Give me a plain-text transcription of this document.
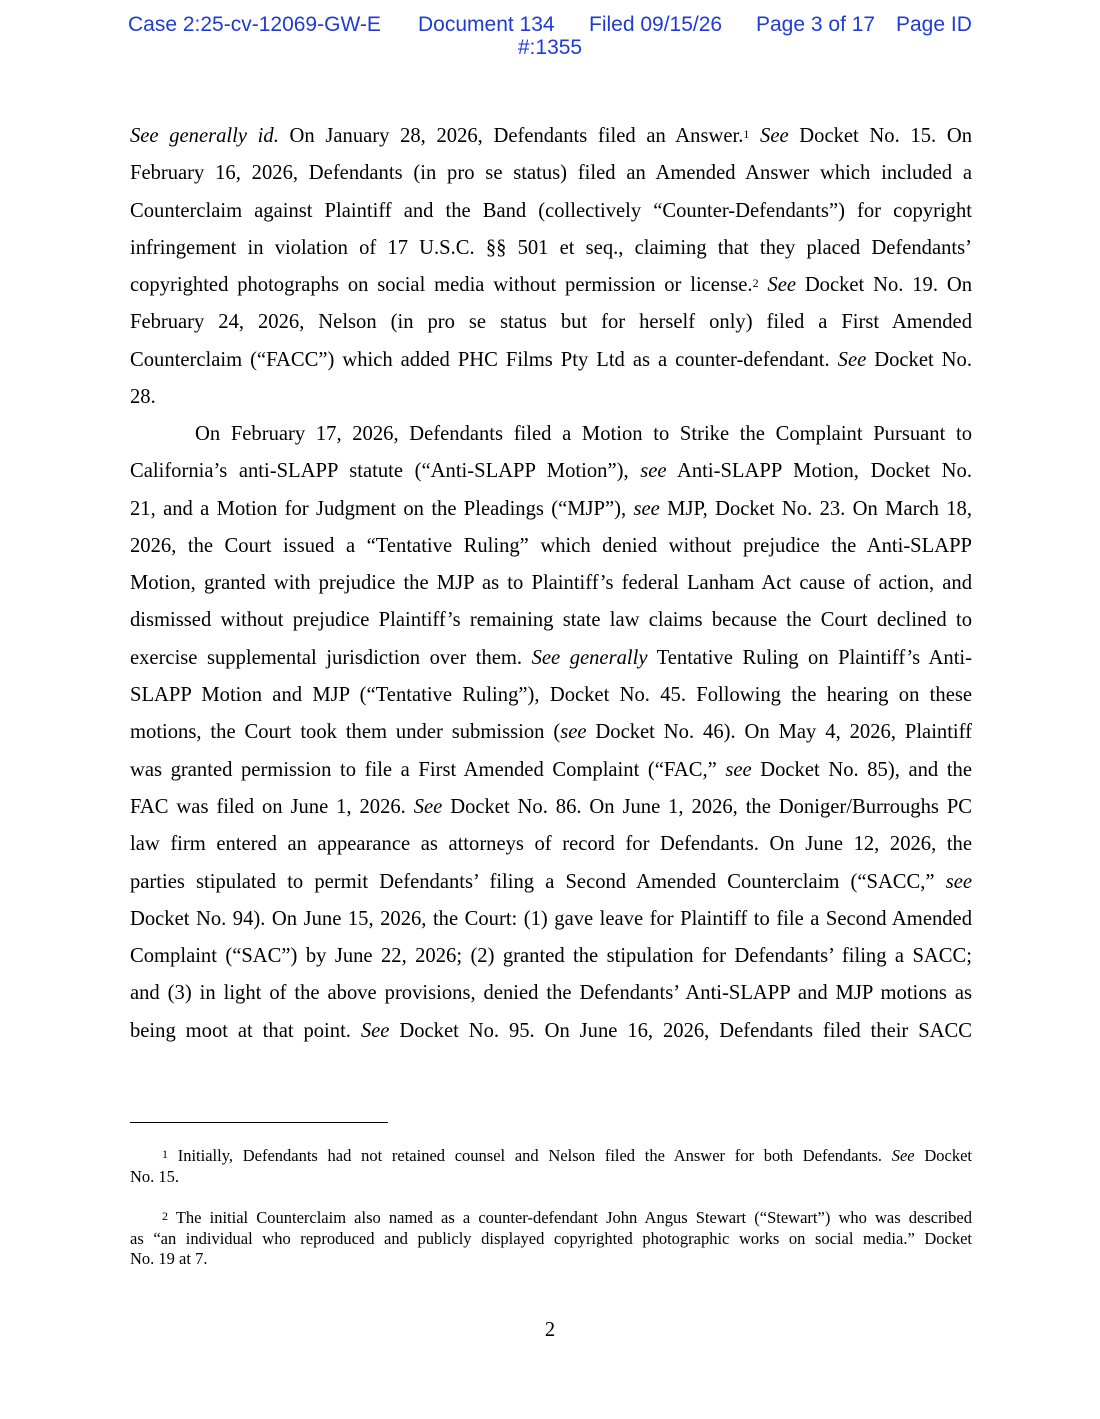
Case 2:25-cv-12069-GW-E Document 134 Filed 09/15/26 Page 3 of 17 Page ID
#:1355
See generally id. On January 28, 2026, Defendants filed an Answer.$^1$ See Docket No. 15. On
February 16, 2026, Defendants (in pro se status) filed an Amended Answer which included a
Counterclaim against Plaintiff and the Band (collectively “Counter-Defendants”) for copyright
infringement in violation of 17 U.S.C. §§ 501 et seq., claiming that they placed Defendants’
copyrighted photographs on social media without permission or license.$^2$ See Docket No. 19. On
February 24, 2026, Nelson (in pro se status but for herself only) filed a First Amended
Counterclaim (“FACC”) which added PHC Films Pty Ltd as a counter-defendant. See Docket No.
28.
On February 17, 2026, Defendants filed a Motion to Strike the Complaint Pursuant to
California’s anti-SLAPP statute (“Anti-SLAPP Motion”), see Anti-SLAPP Motion, Docket No.
21, and a Motion for Judgment on the Pleadings (“MJP”), see MJP, Docket No. 23. On March 18,
2026, the Court issued a “Tentative Ruling” which denied without prejudice the Anti-SLAPP
Motion, granted with prejudice the MJP as to Plaintiff’s federal Lanham Act cause of action, and
dismissed without prejudice Plaintiff’s remaining state law claims because the Court declined to
exercise supplemental jurisdiction over them. See generally Tentative Ruling on Plaintiff’s Anti-
SLAPP Motion and MJP (“Tentative Ruling”), Docket No. 45. Following the hearing on these
motions, the Court took them under submission (see Docket No. 46). On May 4, 2026, Plaintiff
was granted permission to file a First Amended Complaint (“FAC,” see Docket No. 85), and the
FAC was filed on June 1, 2026. See Docket No. 86. On June 1, 2026, the Doniger/Burroughs PC
law firm entered an appearance as attorneys of record for Defendants. On June 12, 2026, the
parties stipulated to permit Defendants’ filing a Second Amended Counterclaim (“SACC,” see
Docket No. 94). On June 15, 2026, the Court: (1) gave leave for Plaintiff to file a Second Amended
Complaint (“SAC”) by June 22, 2026; (2) granted the stipulation for Defendants’ filing a SACC;
and (3) in light of the above provisions, denied the Defendants’ Anti-SLAPP and MJP motions as
being moot at that point. See Docket No. 95. On June 16, 2026, Defendants filed their SACC
$^1$ Initially, Defendants had not retained counsel and Nelson filed the Answer for both Defendants. See Docket
No. 15.
$^2$ The initial Counterclaim also named as a counter-defendant John Angus Stewart (“Stewart”) who was described
as “an individual who reproduced and publicly displayed copyrighted photographic works on social media.” Docket
No. 19 at 7.
2
